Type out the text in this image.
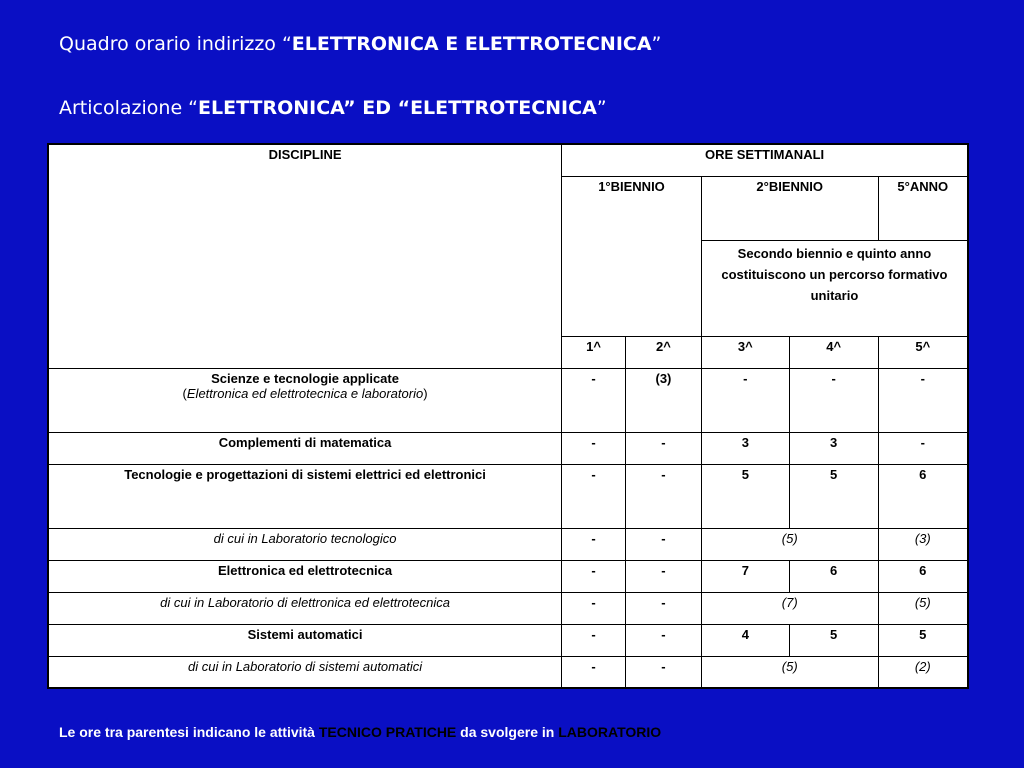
Quadro orario indirizzo “ELETTRONICA E ELETTROTECNICA”
Articolazione “ELETTRONICA” ED “ELETTROTECNICA”
DISCIPLINE	ORE SETTIMANALI				
	1°BIENNIO		2°BIENNIO		5°ANNO
			Secondo biennio e quinto anno costituiscono un percorso formativo unitario		
	1^	2^	3^	4^	5^

Scienze e tecnologie applicate
(Elettronica ed elettrotecnica e laboratorio)	-	(3)	-	-	-
Complementi di matematica	-	-	3	3	-
Tecnologie e progettazioni di sistemi elettrici ed elettronici	-	-	5	5	6
di cui in Laboratorio tecnologico	-	-	(5)		(3)
Elettronica ed elettrotecnica	-	-	7	6	6
di cui in Laboratorio di elettronica ed elettrotecnica	-	-	(7)		(5)
Sistemi automatici	-	-	4	5	5
di cui in Laboratorio di sistemi automatici	-	-	(5)		(2)
Le ore tra parentesi indicano le attività TECNICO PRATICHE da svolgere in LABORATORIO
